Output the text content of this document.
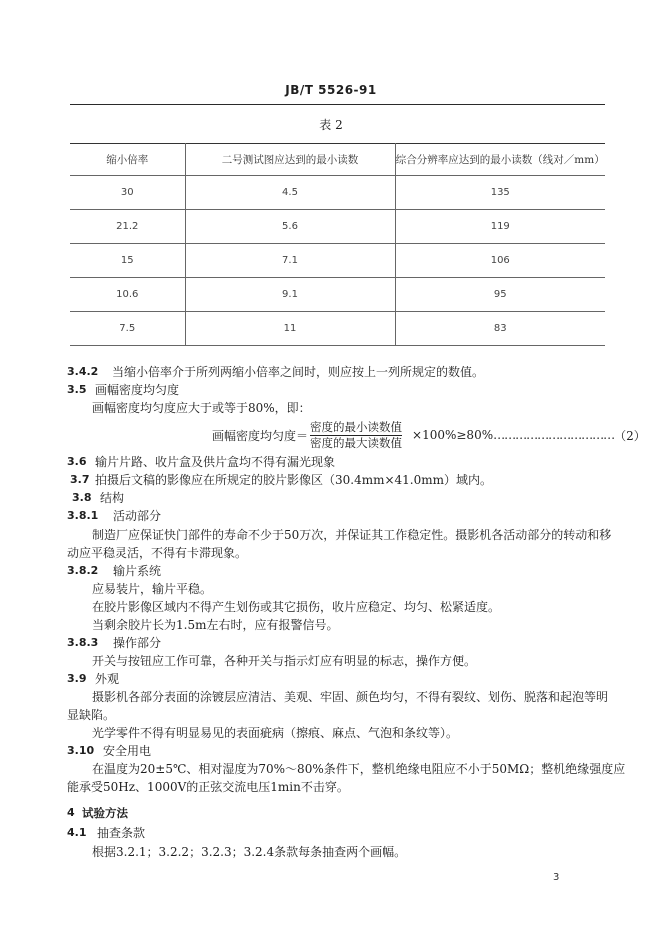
JB/T 5526-91
表 2
缩小倍率	二号测试图应达到的最小读数	综合分辨率应达到的最小读数（线对／mm）
30	4.5	135
21.2	5.6	119
15	7.1	106
10.6	9.1	95
7.5	11	83
3.4.2 当缩小倍率介于所列两缩小倍率之间时，则应按上一列所规定的数值。
3.5 画幅密度均匀度
画幅密度均匀度应大于或等于80%，即：
画幅密度均匀度＝ $\frac{\text{密度的最小读数值}}{\text{密度的最大读数值}} \times 100\%\ge 80\%$ …………………………… （2）
3.6 输片片路、收片盒及供片盒均不得有漏光现象
3.7 拍摄后文稿的影像应在所规定的胶片影像区（30.4mm×41.0mm）域内。
3.8 结构
3.8.1 活动部分
制造厂应保证快门部件的寿命不少于50万次，并保证其工作稳定性。摄影机各活动部分的转动和移
动应平稳灵活，不得有卡滞现象。
3.8.2 输片系统
应易装片，输片平稳。
在胶片影像区域内不得产生划伤或其它损伤，收片应稳定、均匀、松紧适度。
当剩余胶片长为1.5m左右时，应有报警信号。
3.8.3 操作部分
开关与按钮应工作可靠，各种开关与指示灯应有明显的标志，操作方便。
3.9 外观
摄影机各部分表面的涂镀层应清洁、美观、牢固、颜色均匀，不得有裂纹、划伤、脱落和起泡等明
显缺陷。
光学零件不得有明显易见的表面疵病（擦痕、麻点、气泡和条纹等）。
3.10 安全用电
在温度为20±5℃、相对湿度为70%～80%条件下，整机绝缘电阻应不小于50MΩ；整机绝缘强度应
能承受50Hz、1000V的正弦交流电压1min不击穿。
4 试验方法
4.1 抽查条款
根据3.2.1；3.2.2；3.2.3；3.2.4条款每条抽查两个画幅。
3
